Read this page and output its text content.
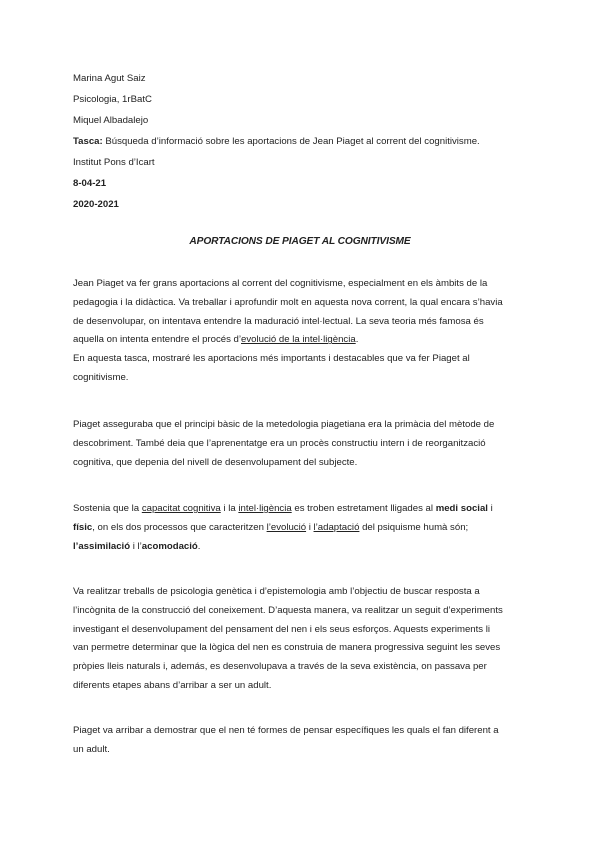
Marina Agut Saiz
Psicologia, 1rBatC
Miquel Albadalejo
Tasca: Búsqueda d’informació sobre les aportacions de Jean Piaget al corrent del cognitivisme.
Institut Pons d’Icart
8-04-21
2020-2021
APORTACIONS DE PIAGET AL COGNITIVISME

Jean Piaget va fer grans aportacions al corrent del cognitivisme, especialment en els àmbits de la
pedagogia i la didàctica. Va treballar i aprofundir molt en aquesta nova corrent, la qual encara s’havia
de desenvolupar, on intentava entendre la maduració intel·lectual. La seva teoria més famosa és
aquella on intenta entendre el procés d’evolució de la intel·ligència.
En aquesta tasca, mostraré les aportacions més importants i destacables que va fer Piaget al
cognitivisme.

Piaget asseguraba que el principi bàsic de la metedologia piagetiana era la primàcia del mètode de
descobriment. També deia que l’aprenentatge era un procès constructiu intern i de reorganització
cognitiva, que depenia del nivell de desenvolupament del subjecte.

Sostenia que la capacitat cognitiva i la intel·ligència es troben estretament lligades al medi social i
físic, on els dos processos que caracteritzen l’evolució i l’adaptació del psiquisme humà són;
l’assimilació i l’acomodació.

Va realitzar treballs de psicologia genètica i d’epistemologia amb l’objectiu de buscar resposta a
l’incògnita de la construcció del coneixement. D’aquesta manera, va realitzar un seguit d’experiments
investigant el desenvolupament del pensament del nen i els seus esforços. Aquests experiments li
van permetre determinar que la lògica del nen es construia de manera progressiva seguint les seves
pròpies lleis naturals i, además, es desenvolupava a través de la seva existència, on passava per
diferents etapes abans d’arribar a ser un adult.

Piaget va arribar a demostrar que el nen té formes de pensar específiques les quals el fan diferent a
un adult.
